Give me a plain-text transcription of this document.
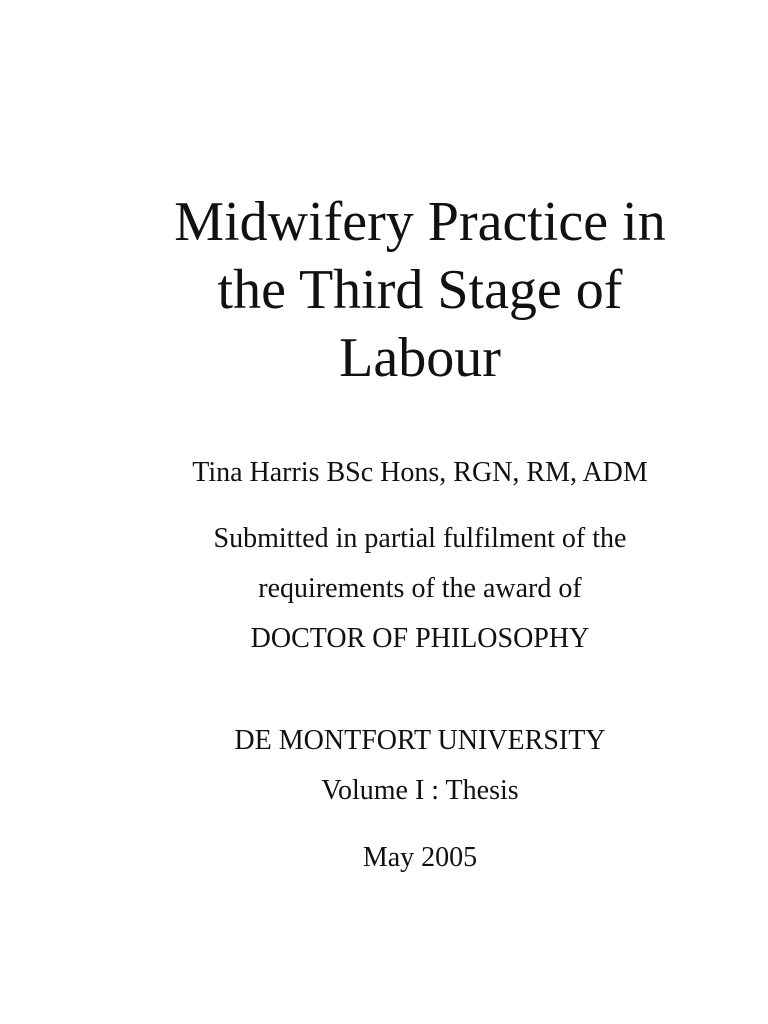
Midwifery Practice in
the Third Stage of
Labour

Tina Harris BSc Hons, RGN, RM, ADM

Submitted in partial fulfilment of the

requirements of the award of

DOCTOR OF PHILOSOPHY

DE MONTFORT UNIVERSITY

Volume I : Thesis

May 2005
